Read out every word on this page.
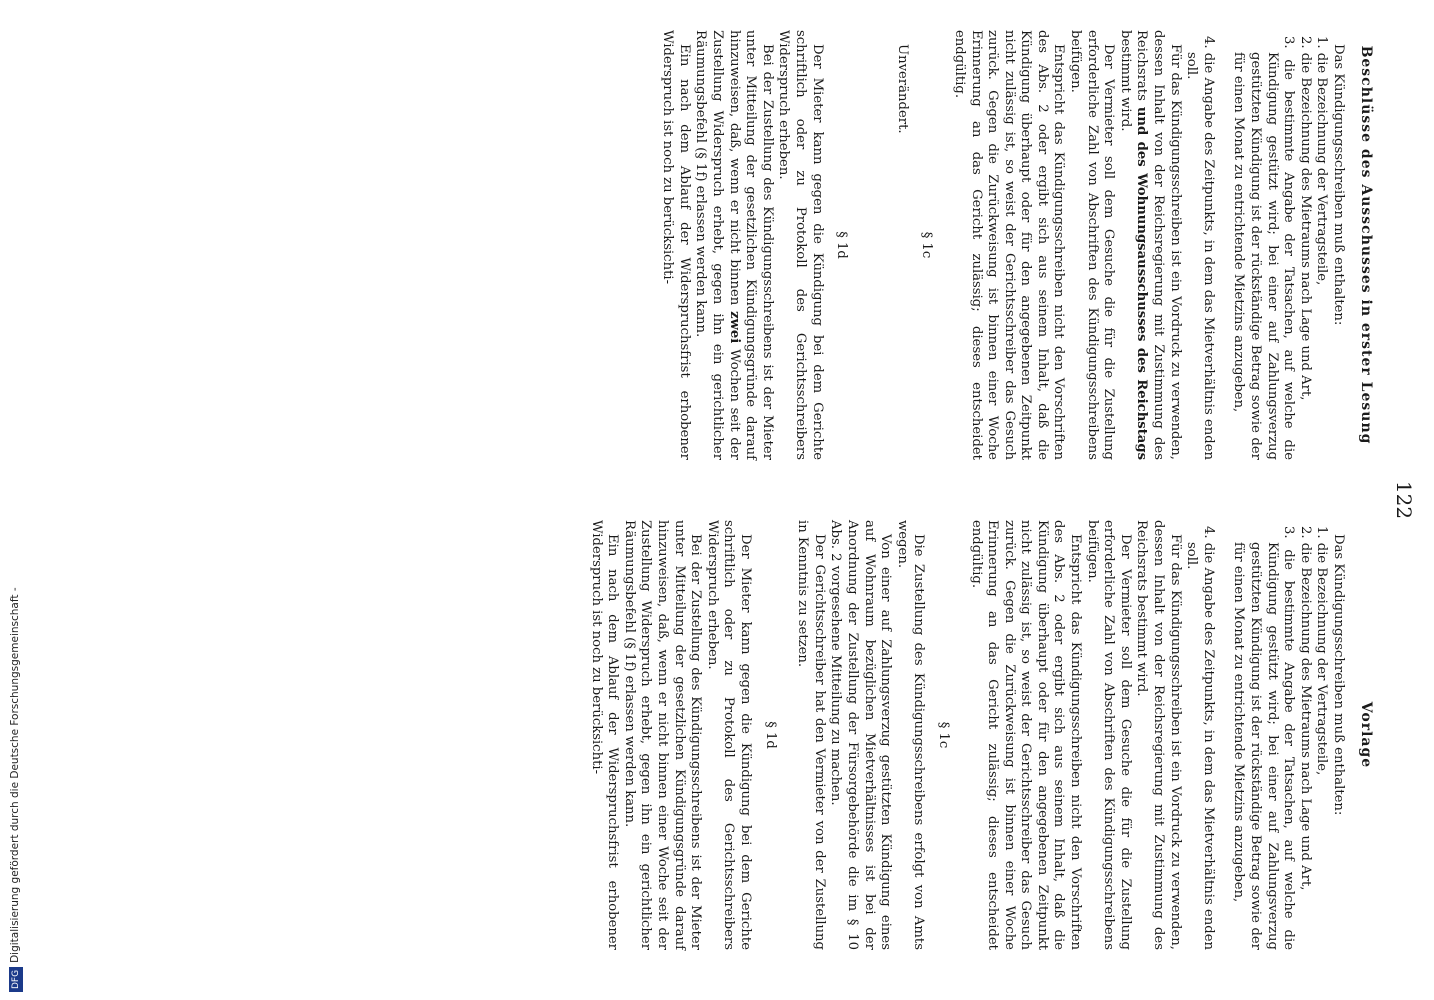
DFGDigitalisierung gefördert durch die Deutsche Forschungsgemeinschaft -
122
Beschlüsse des Ausschusses in erster Lesung

Das Kündigungsschreiben muß enthalten:

1. die Bezeichnung der Vertragsteile,

2. die Bezeichnung des Mietraums nach Lage und Art,

3. die bestimmte Angabe der Tatsachen, auf welche die Kündigung gestützt wird; bei einer auf Zahlungsverzug gestützten Kündigung ist der rückständige Betrag sowie der für einen Monat zu entrichtende Mietzins anzugeben,

4. die Angabe des Zeitpunkts, in dem das Mietverhältnis enden soll.

Für das Kündigungsschreiben ist ein Vordruck zu verwenden, dessen Inhalt von der Reichsregierung mit Zustimmung des Reichsrats und des Wohnungsausschusses des Reichstags bestimmt wird.

Der Vermieter soll dem Gesuche die für die Zustellung erforderliche Zahl von Abschriften des Kündigungsschreibens beifügen.

Entspricht das Kündigungsschreiben nicht den Vorschriften des Abs. 2 oder ergibt sich aus seinem Inhalt, daß die Kündigung überhaupt oder für den angegebenen Zeitpunkt nicht zulässig ist, so weist der Gerichtsschreiber das Gesuch zurück. Gegen die Zurückweisung ist binnen einer Woche Erinnerung an das Gericht zulässig; dieses entscheidet endgültig.

§ 1c

Unverändert.

§ 1d

Der Mieter kann gegen die Kündigung bei dem Gerichte schriftlich oder zu Protokoll des Gerichtsschreibers Widerspruch erheben.

Bei der Zustellung des Kündigungsschreibens ist der Mieter unter Mitteilung der gesetzlichen Kündigungsgründe darauf hinzuweisen, daß, wenn er nicht binnen zwei Wochen seit der Zustellung Widerspruch erhebt, gegen ihn ein gerichtlicher Räumungsbefehl (§ 1f) erlassen werden kann.

Ein nach dem Ablauf der Widerspruchsfrist erhobener Widerspruch ist noch zu berücksichti-

Vorlage

Das Kündigungsschreiben muß enthalten:

1. die Bezeichnung der Vertragsteile,

2. die Bezeichnung des Mietraums nach Lage und Art,

3. die bestimmte Angabe der Tatsachen, auf welche die Kündigung gestützt wird; bei einer auf Zahlungsverzug gestützten Kündigung ist der rückständige Betrag sowie der für einen Monat zu entrichtende Mietzins anzugeben,

4. die Angabe des Zeitpunkts, in dem das Mietverhältnis enden soll.

Für das Kündigungsschreiben ist ein Vordruck zu verwenden, dessen Inhalt von der Reichsregierung mit Zustimmung des Reichsrats bestimmt wird.

Der Vermieter soll dem Gesuche die für die Zustellung erforderliche Zahl von Abschriften des Kündigungsschreibens beifügen.

Entspricht das Kündigungsschreiben nicht den Vorschriften des Abs. 2 oder ergibt sich aus seinem Inhalt, daß die Kündigung überhaupt oder für den angegebenen Zeitpunkt nicht zulässig ist, so weist der Gerichtsschreiber das Gesuch zurück. Gegen die Zurückweisung ist binnen einer Woche Erinnerung an das Gericht zulässig; dieses entscheidet endgültig.

§ 1c

Die Zustellung des Kündigungsschreibens erfolgt von Amts wegen.

Von einer auf Zahlungsverzug gestützten Kündigung eines auf Wohnraum bezüglichen Mietverhältnisses ist bei der Anordnung der Zustellung der Fürsorgebehörde die im § 10 Abs. 2 vorgesehene Mitteilung zu machen.

Der Gerichtsschreiber hat den Vermieter von der Zustellung in Kenntnis zu setzen.

§ 1d

Der Mieter kann gegen die Kündigung bei dem Gerichte schriftlich oder zu Protokoll des Gerichtsschreibers Widerspruch erheben.

Bei der Zustellung des Kündigungsschreibens ist der Mieter unter Mitteilung der gesetzlichen Kündigungsgründe darauf hinzuweisen, daß, wenn er nicht binnen einer Woche seit der Zustellung Widerspruch erhebt, gegen ihn ein gerichtlicher Räumungsbefehl (§ 1f) erlassen werden kann.

Ein nach dem Ablauf der Widerspruchsfrist erhobener Widerspruch ist noch zu berücksichti-
